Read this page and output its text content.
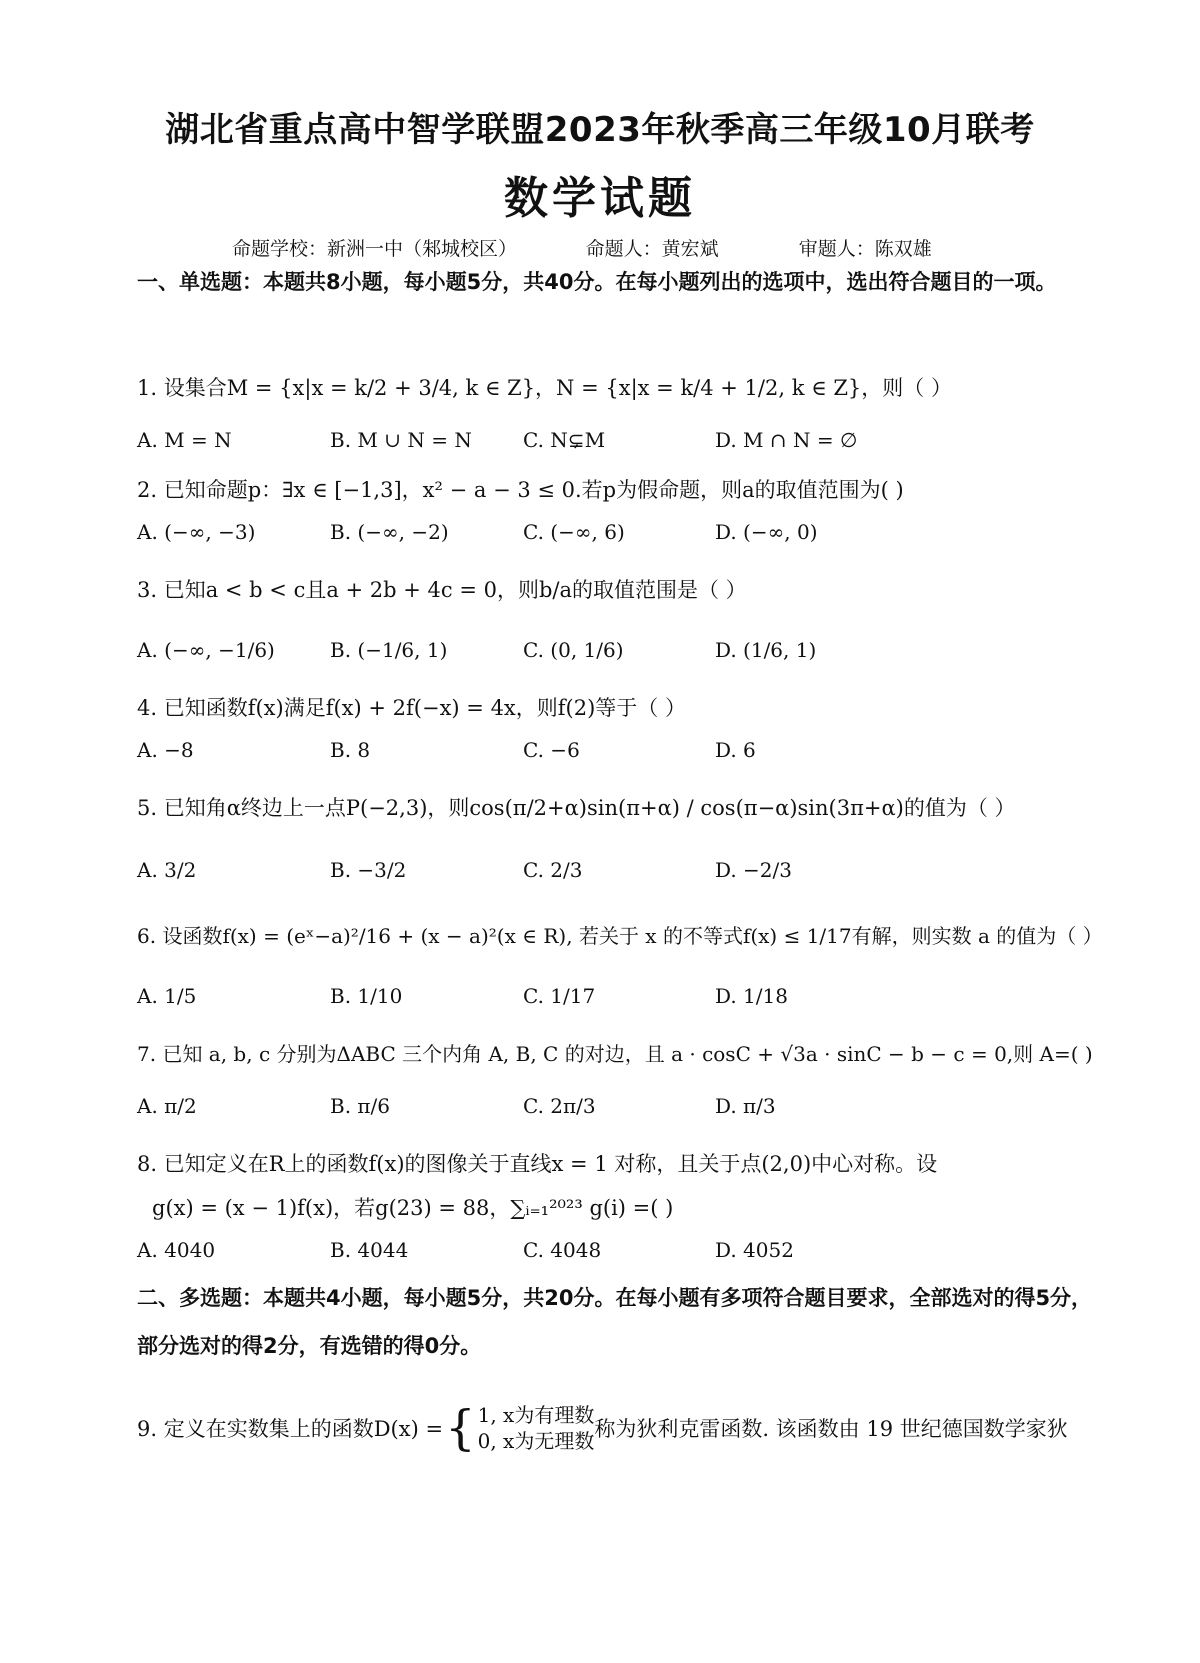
湖北省重点高中智学联盟2023年秋季高三年级10月联考
数学试题
命题学校：新洲一中（邾城校区）      命题人：黄宏斌       审题人：陈双雄
一、单选题：本题共8小题，每小题5分，共40分。在每小题列出的选项中，选出符合题目的一项。
1. 设集合M = {x|x = k/2 + 3/4, k ∈ Z}，N = {x|x = k/4 + 1/2, k ∈ Z}，则（ ）
A. M = N	B. M ∪ N = N	C. N⊊M	D. M ∩ N = ∅
2. 已知命题p：∃x ∈ [−1,3]，x² − a − 3 ≤ 0.若p为假命题，则a的取值范围为( )
A. (−∞, −3)	B. (−∞, −2)	C. (−∞, 6)	D. (−∞, 0)
3. 已知a < b < c且a + 2b + 4c = 0，则b/a的取值范围是（ ）
A. (−∞, −1/6)	B. (−1/6, 1)	C. (0, 1/6)	D. (1/6, 1)
4. 已知函数f(x)满足f(x) + 2f(−x) = 4x，则f(2)等于（ ）
A. −8	B. 8	C. −6	D. 6
5. 已知角α终边上一点P(−2,3)，则cos(π/2+α)sin(π+α) / cos(π−α)sin(3π+α)的值为（ ）
A. 3/2	B. −3/2	C. 2/3	D. −2/3
6. 设函数f(x) = (eˣ−a)²/16 + (x − a)²(x ∈ R), 若关于 x 的不等式f(x) ≤ 1/17有解，则实数 a 的值为（ ）
A. 1/5	B. 1/10	C. 1/17	D. 1/18
7. 已知 a, b, c 分别为ΔABC 三个内角 A, B, C 的对边，且 a · cosC + √3a · sinC − b − c = 0,则 A=( )
A. π/2	B. π/6	C. 2π/3	D. π/3
8. 已知定义在R上的函数f(x)的图像关于直线x = 1 对称，且关于点(2,0)中心对称。设
g(x) = (x − 1)f(x)，若g(23) = 88，∑ᵢ₌₁²⁰²³ g(i) =( )
A. 4040	B. 4044	C. 4048	D. 4052
二、多选题：本题共4小题，每小题5分，共20分。在每小题有多项符合题目要求，全部选对的得5分，部分选对的得2分，有选错的得0分。
9. 定义在实数集上的函数D(x) = { 1, x为有理数
0, x为无理数 称为狄利克雷函数. 该函数由 19 世纪德国数学家狄
